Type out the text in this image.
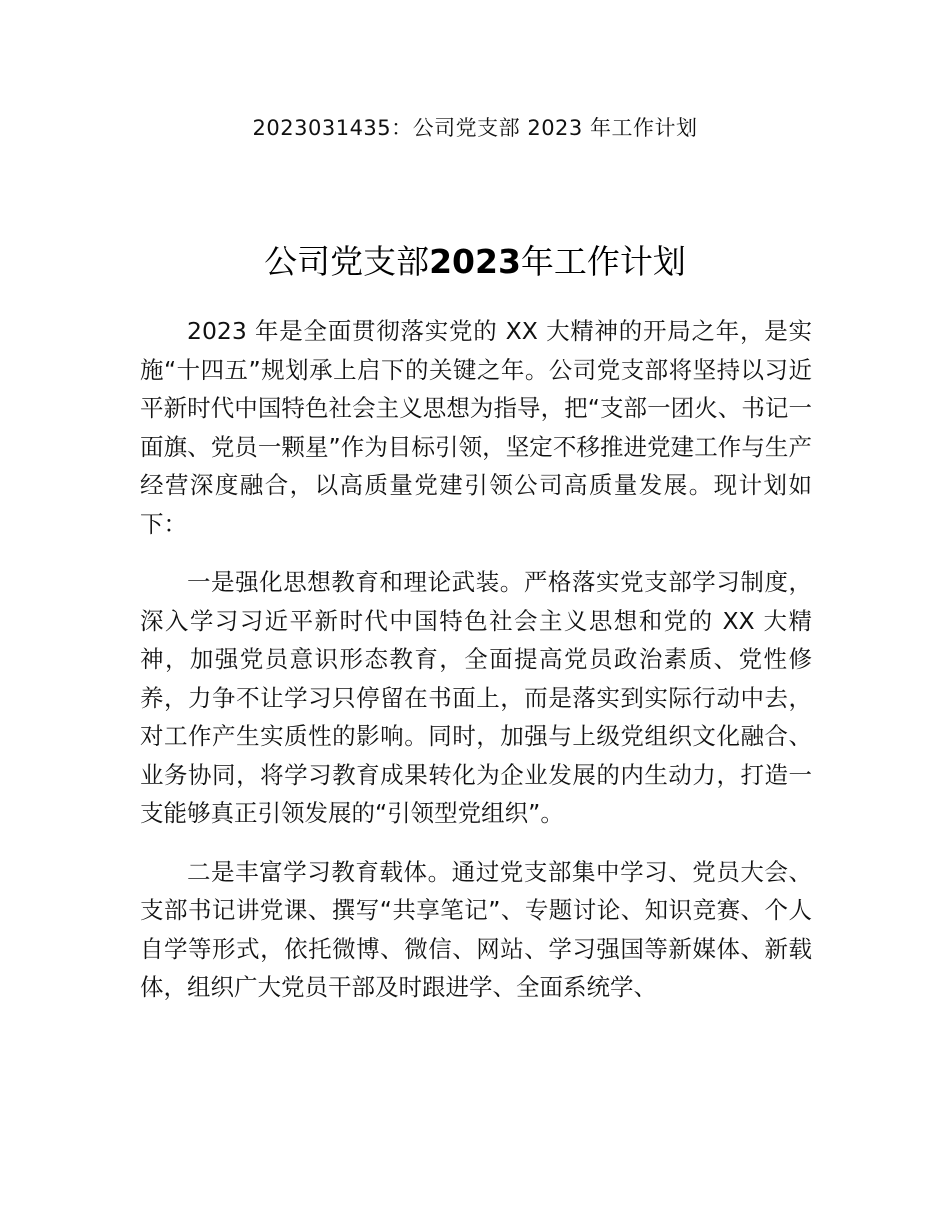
2023031435：公司党支部 2023 年工作计划
公司党支部2023年工作计划

2023 年是全面贯彻落实党的 XX 大精神的开局之年，是实施“十四五”规划承上启下的关键之年。公司党支部将坚持以习近平新时代中国特色社会主义思想为指导，把“支部一团火、书记一面旗、党员一颗星”作为目标引领，坚定不移推进党建工作与生产经营深度融合，以高质量党建引领公司高质量发展。现计划如下：

一是强化思想教育和理论武装。严格落实党支部学习制度，深入学习习近平新时代中国特色社会主义思想和党的 XX 大精神，加强党员意识形态教育，全面提高党员政治素质、党性修养，力争不让学习只停留在书面上，而是落实到实际行动中去，对工作产生实质性的影响。同时，加强与上级党组织文化融合、业务协同，将学习教育成果转化为企业发展的内生动力，打造一支能够真正引领发展的“引领型党组织”。

二是丰富学习教育载体。通过党支部集中学习、党员大会、支部书记讲党课、撰写“共享笔记”、专题讨论、知识竞赛、个人自学等形式，依托微博、微信、网站、学习强国等新媒体、新载体，组织广大党员干部及时跟进学、全面系统学、
